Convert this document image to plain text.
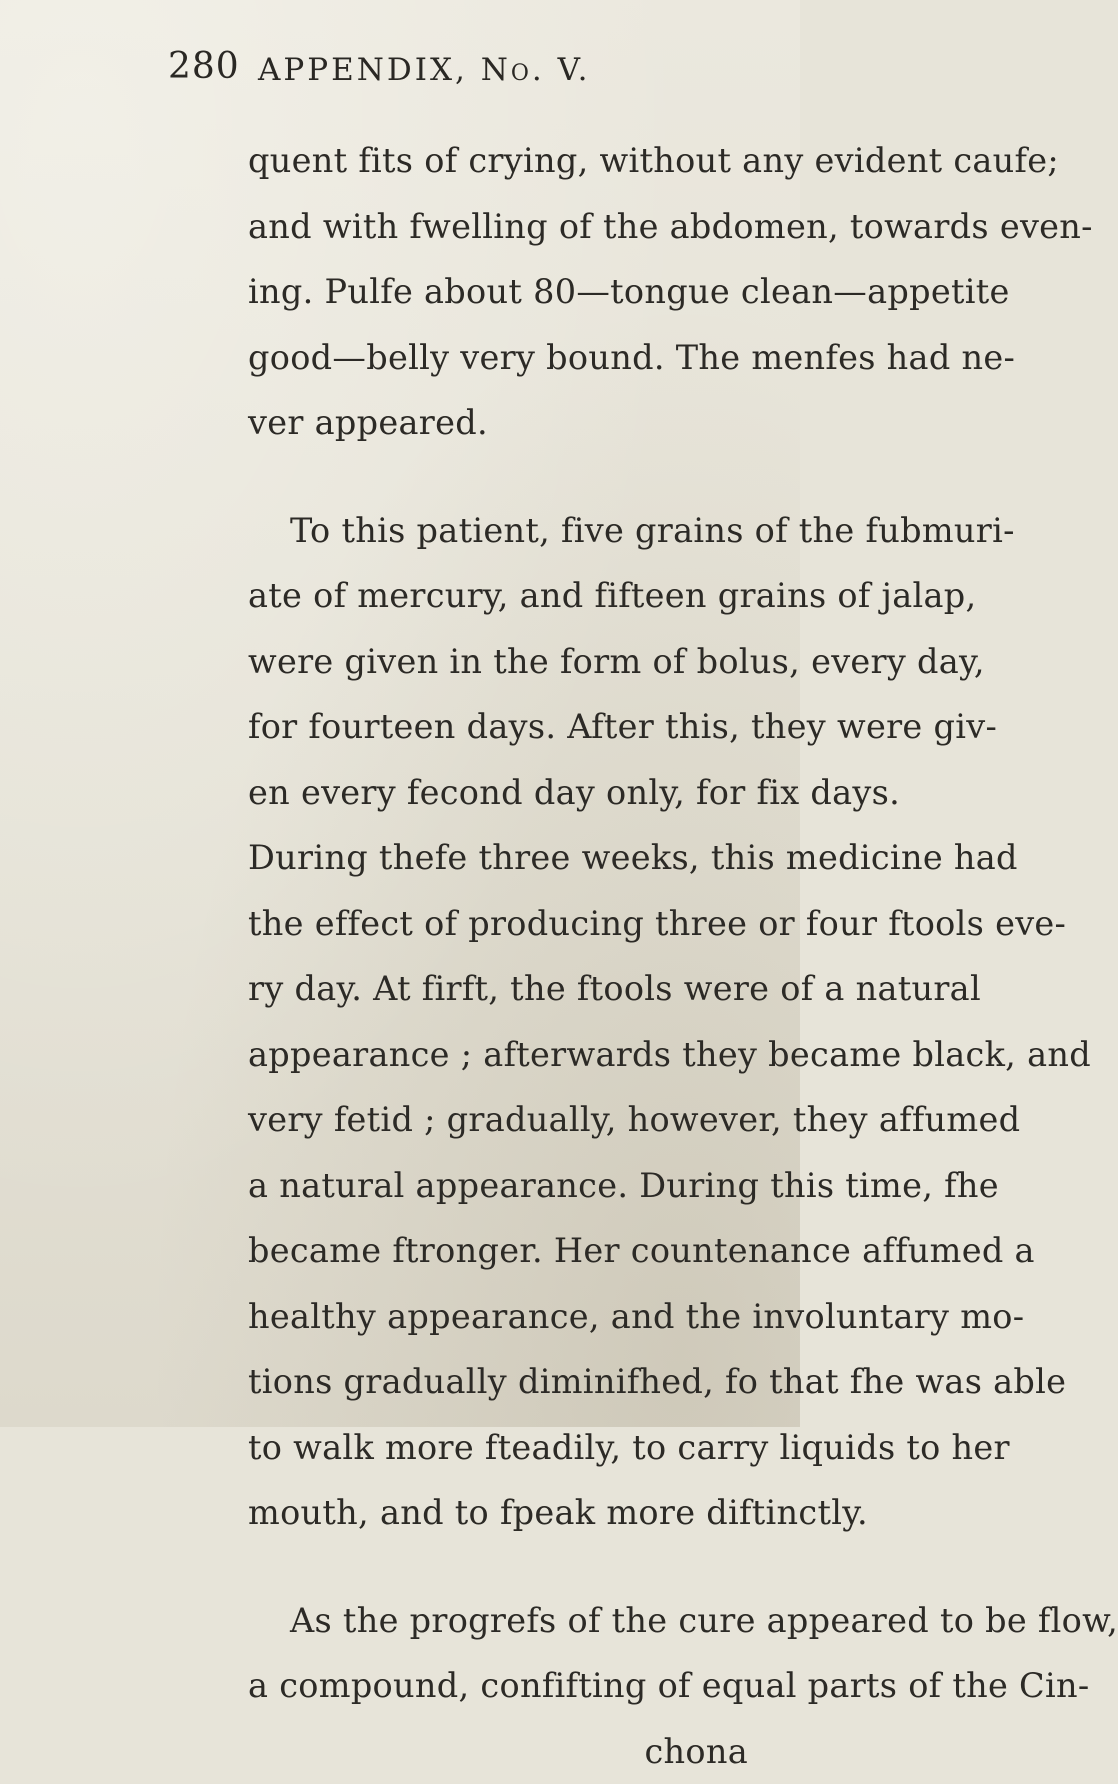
280 APPENDIX, No. V.
quent fits of crying, without any evident caufe;
and with fwelling of the abdomen, towards even-
ing. Pulfe about 80—tongue clean—appetite
good—belly very bound. The menfes had ne-
ver appeared.
To this patient, five grains of the fubmuri-
ate of mercury, and fifteen grains of jalap,
were given in the form of bolus, every day,
for fourteen days. After this, they were giv-
en every fecond day only, for fix days.
During thefe three weeks, this medicine had
the effect of producing three or four ftools eve-
ry day. At firft, the ftools were of a natural
appearance ; afterwards they became black, and
very fetid ; gradually, however, they affumed
a natural appearance. During this time, fhe
became ftronger. Her countenance affumed a
healthy appearance, and the involuntary mo-
tions gradually diminifhed, fo that fhe was able
to walk more fteadily, to carry liquids to her
mouth, and to fpeak more diftinctly.
As the progrefs of the cure appeared to be flow,
a compound, confifting of equal parts of the Cin-
chona
